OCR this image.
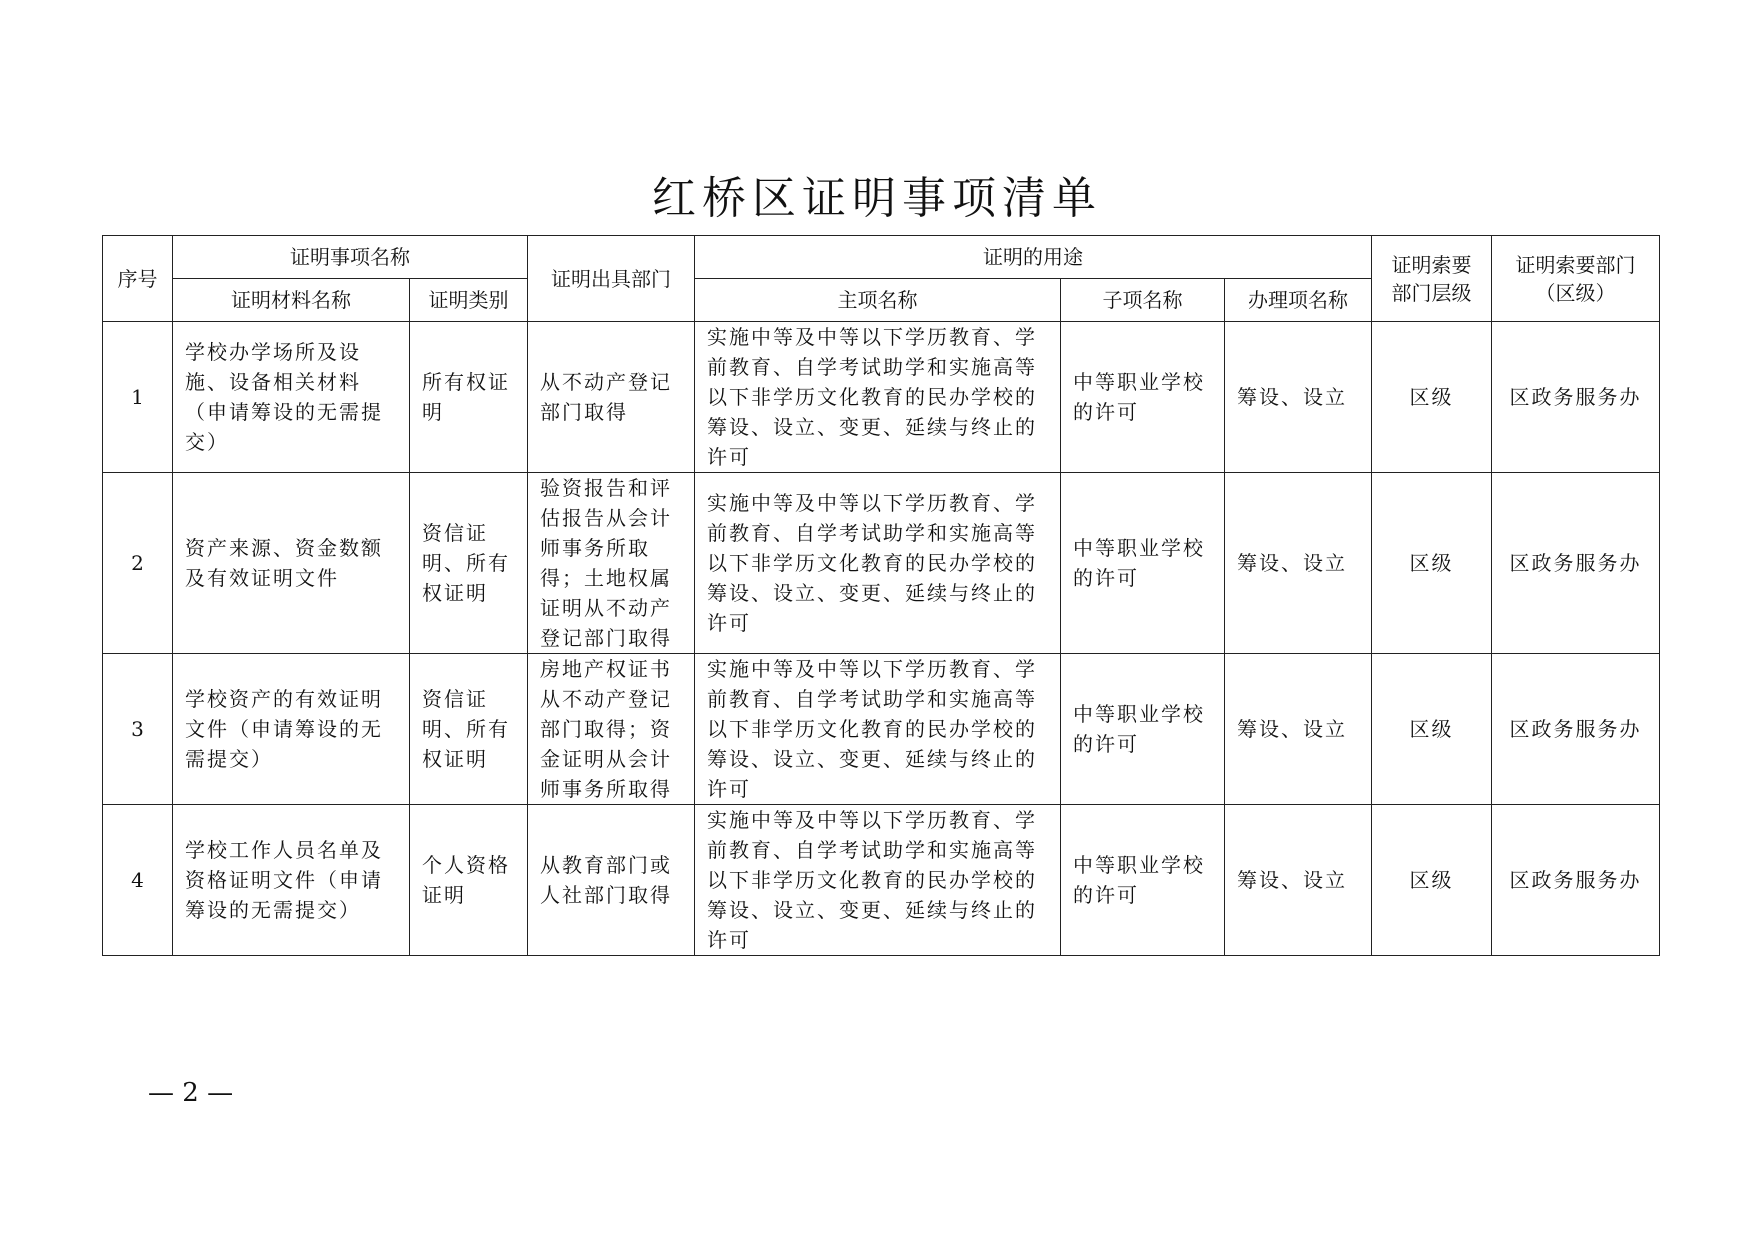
红桥区证明事项清单
序号	证明事项名称		证明出具部门	证明的用途			证明索要部门层级	证明索要部门（区级）
	证明材料名称	证明类别		主项名称	子项名称	办理项名称		
1	学校办学场所及设施、设备相关材料（申请筹设的无需提交）	所有权证明	从不动产登记部门取得	实施中等及中等以下学历教育、学前教育、自学考试助学和实施高等以下非学历文化教育的民办学校的筹设、设立、变更、延续与终止的许可	中等职业学校的许可	筹设、设立	区级	区政务服务办
2	资产来源、资金数额及有效证明文件	资信证明、所有权证明	验资报告和评估报告从会计师事务所取得；土地权属证明从不动产登记部门取得	实施中等及中等以下学历教育、学前教育、自学考试助学和实施高等以下非学历文化教育的民办学校的筹设、设立、变更、延续与终止的许可	中等职业学校的许可	筹设、设立	区级	区政务服务办
3	学校资产的有效证明文件（申请筹设的无需提交）	资信证明、所有权证明	房地产权证书从不动产登记部门取得；资金证明从会计师事务所取得	实施中等及中等以下学历教育、学前教育、自学考试助学和实施高等以下非学历文化教育的民办学校的筹设、设立、变更、延续与终止的许可	中等职业学校的许可	筹设、设立	区级	区政务服务办
4	学校工作人员名单及资格证明文件（申请筹设的无需提交）	个人资格证明	从教育部门或人社部门取得	实施中等及中等以下学历教育、学前教育、自学考试助学和实施高等以下非学历文化教育的民办学校的筹设、设立、变更、延续与终止的许可	中等职业学校的许可	筹设、设立	区级	区政务服务办
— 2 —
